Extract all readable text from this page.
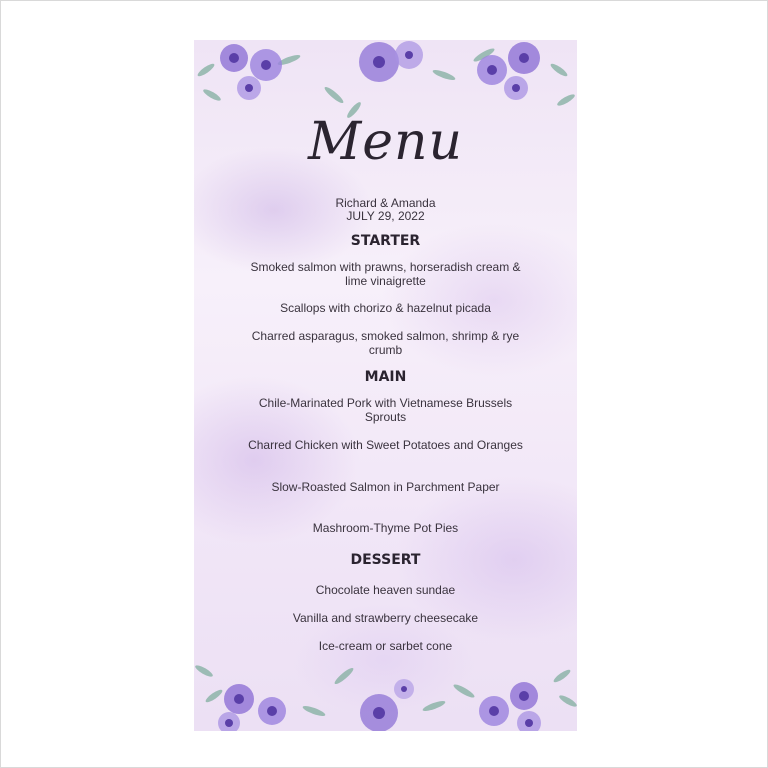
Menu
Richard & Amanda
JULY 29, 2022
STARTER
Smoked salmon with prawns, horseradish cream & lime vinaigrette
Scallops with chorizo & hazelnut picada
Charred asparagus, smoked salmon, shrimp & rye crumb
MAIN
Chile-Marinated Pork with Vietnamese Brussels Sprouts
Charred Chicken with Sweet Potatoes and Oranges
Slow-Roasted Salmon in Parchment Paper
Mashroom-Thyme Pot Pies
DESSERT
Chocolate heaven sundae
Vanilla and strawberry cheesecake
Ice-cream or sarbet cone
